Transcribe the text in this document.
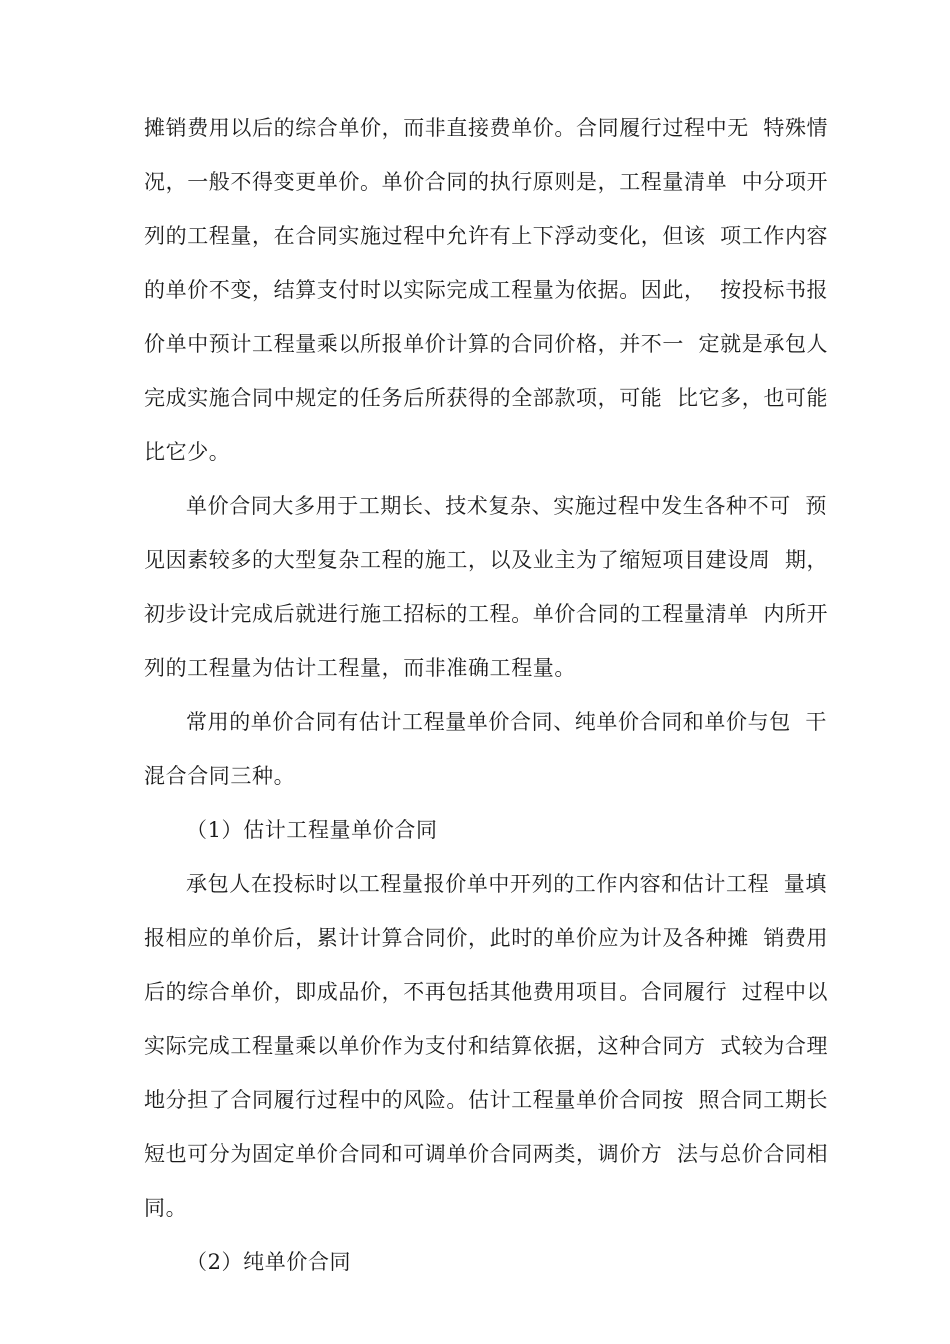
摊销费用以后的综合单价，而非直接费单价。合同履行过程中无  特殊情
况，一般不得变更单价。单价合同的执行原则是，工程量清单  中分项开
列的工程量，在合同实施过程中允许有上下浮动变化，但该  项工作内容
的单价不变，结算支付时以实际完成工程量为依据。因此，  按投标书报
价单中预计工程量乘以所报单价计算的合同价格，并不一  定就是承包人
完成实施合同中规定的任务后所获得的全部款项，可能  比它多，也可能
比它少。
单价合同大多用于工期长、技术复杂、实施过程中发生各种不可  预
见因素较多的大型复杂工程的施工，以及业主为了缩短项目建设周  期，
初步设计完成后就进行施工招标的工程。单价合同的工程量清单  内所开
列的工程量为估计工程量，而非准确工程量。
常用的单价合同有估计工程量单价合同、纯单价合同和单价与包  干
混合合同三种。
（1）估计工程量单价合同
承包人在投标时以工程量报价单中开列的工作内容和估计工程  量填
报相应的单价后，累计计算合同价，此时的单价应为计及各种摊  销费用
后的综合单价，即成品价，不再包括其他费用项目。合同履行  过程中以
实际完成工程量乘以单价作为支付和结算依据，这种合同方  式较为合理
地分担了合同履行过程中的风险。估计工程量单价合同按  照合同工期长
短也可分为固定单价合同和可调单价合同两类，调价方  法与总价合同相
同。
（2）纯单价合同
